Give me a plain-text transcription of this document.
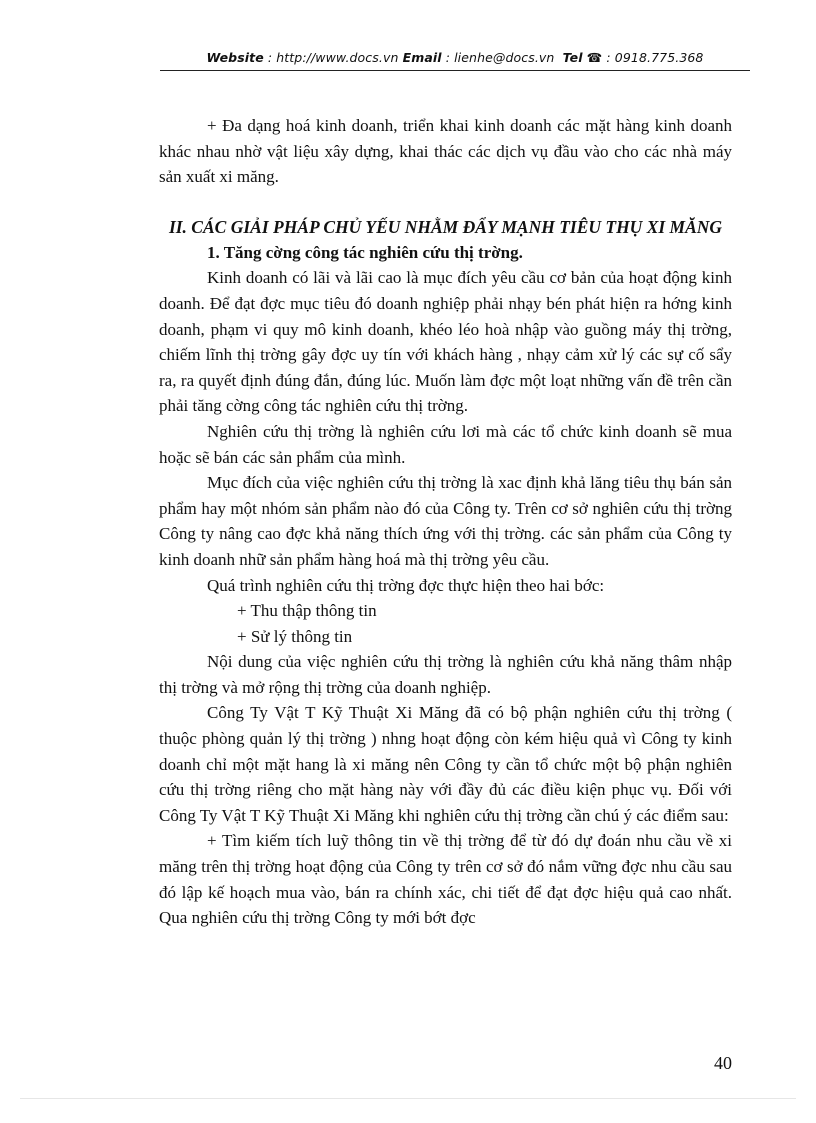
Website : http://www.docs.vn Email : lienhe@docs.vn Tel ☎ : 0918.775.368

+ Đa dạng hoá kinh doanh, triển khai kinh doanh các mặt hàng kinh doanh khác nhau nhờ vật liệu xây dựng, khai thác các dịch vụ đầu vào cho các nhà máy sản xuất xi măng.

II. CÁC GIẢI PHÁP CHỦ YẾU NHẰM ĐẨY MẠNH TIÊU THỤ XI MĂNG

1. Tăng cờng công tác nghiên cứu thị trờng.

Kinh doanh có lãi và lãi cao là mục đích yêu cầu cơ bản của hoạt động kinh doanh. Để đạt đợc mục tiêu đó doanh nghiệp phải nhạy bén phát hiện ra hớng kinh doanh, phạm vi quy mô kinh doanh, khéo léo hoà nhập vào guồng máy thị trờng, chiếm lĩnh thị trờng gây đợc uy tín với khách hàng , nhạy cảm xử lý các sự cố sẩy ra, ra quyết định đúng đắn, đúng lúc. Muốn làm đợc một loạt những vấn đề trên cần phải tăng cờng công tác nghiên cứu thị trờng.

Nghiên cứu thị trờng là nghiên cứu lơi mà các tổ chức kinh doanh sẽ mua hoặc sẽ bán các sản phẩm của mình.

Mục đích của việc nghiên cứu thị trờng là xac định khả lăng tiêu thụ bán sản phẩm hay một nhóm sản phẩm nào đó của Công ty. Trên cơ sở nghiên cứu thị trờng Công ty nâng cao đợc khả năng thích ứng với thị trờng. các sản phẩm của Công ty kinh doanh nhữ sản phẩm hàng hoá mà thị trờng yêu cầu.

Quá trình nghiên cứu thị trờng đợc thực hiện theo hai bớc:

+ Thu thập thông tin

+ Sử lý thông tin

Nội dung của việc nghiên cứu thị trờng là nghiên cứu khả năng thâm nhập thị trờng và mở rộng thị trờng của doanh nghiệp.

Công Ty Vật T Kỹ Thuật Xi Măng đã có bộ phận nghiên cứu thị trờng ( thuộc phòng quản lý thị trờng ) nhng hoạt động còn kém hiệu quả vì Công ty kinh doanh chỉ một mặt hang là xi măng nên Công ty cần tổ chức một bộ phận nghiên cứu thị trờng riêng cho mặt hàng này với đầy đủ các điều kiện phục vụ. Đối với Công Ty Vật T Kỹ Thuật Xi Măng khi nghiên cứu thị trờng cần chú ý các điểm sau:

+ Tìm kiếm tích luỹ thông tin về thị trờng để từ đó dự đoán nhu cầu về xi măng trên thị trờng hoạt động của Công ty trên cơ sở đó nắm vững đợc nhu cầu sau đó lập kế hoạch mua vào, bán ra chính xác, chi tiết để đạt đợc hiệu quả cao nhất. Qua nghiên cứu thị trờng Công ty mới bớt đợc

40
